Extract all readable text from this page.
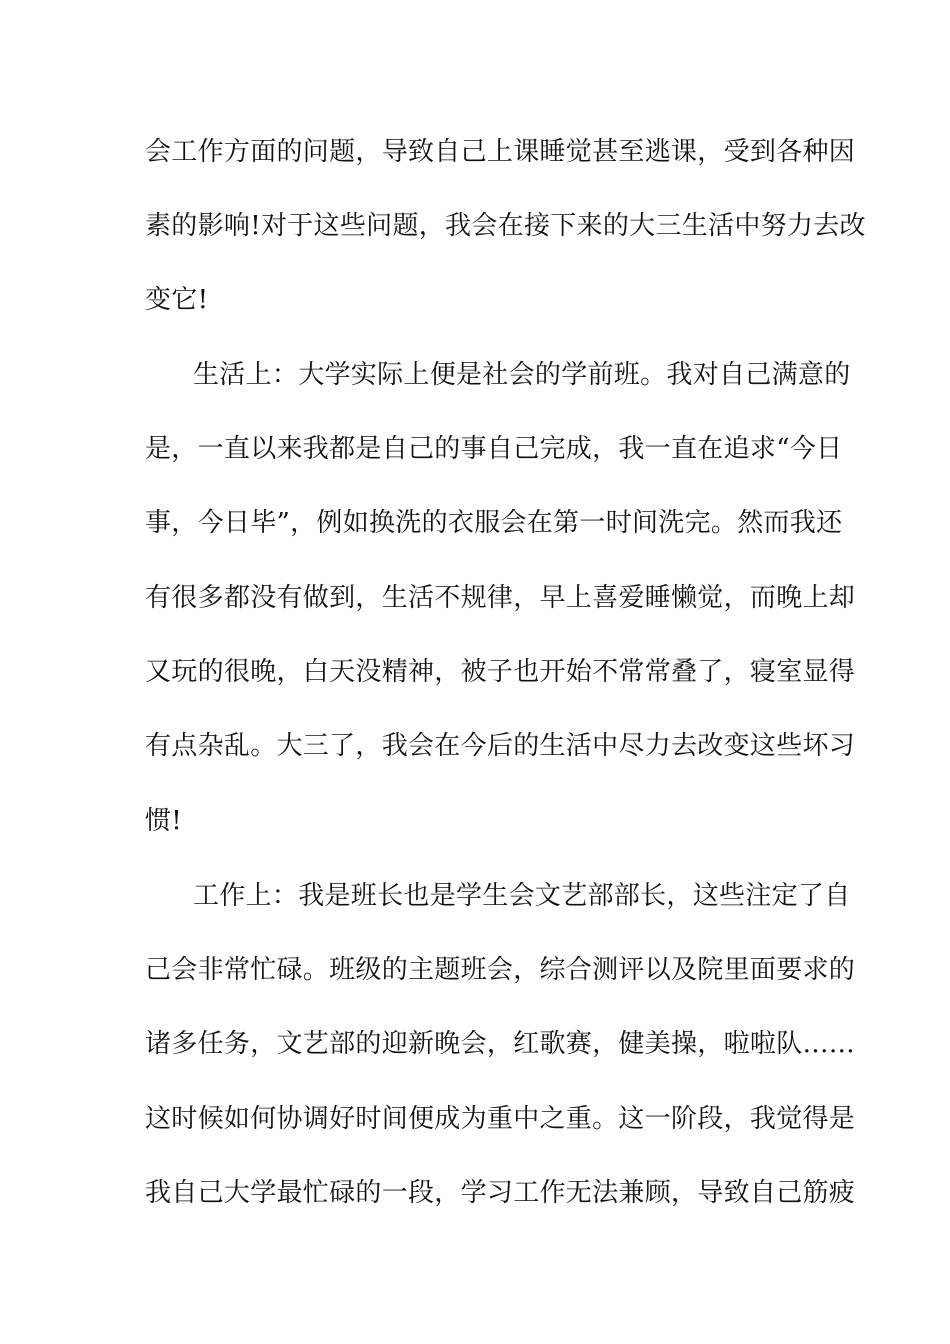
会工作方面的问题，导致自己上课睡觉甚至逃课，受到各种因
素的影响!对于这些问题，我会在接下来的大三生活中努力去改
变它!
生活上：大学实际上便是社会的学前班。我对自己满意的
是，一直以来我都是自己的事自己完成，我一直在追求“今日
事，今日毕”，例如换洗的衣服会在第一时间洗完。然而我还
有很多都没有做到，生活不规律，早上喜爱睡懒觉，而晚上却
又玩的很晚，白天没精神，被子也开始不常常叠了，寝室显得
有点杂乱。大三了，我会在今后的生活中尽力去改变这些坏习
惯!
工作上：我是班长也是学生会文艺部部长，这些注定了自
己会非常忙碌。班级的主题班会，综合测评以及院里面要求的
诸多任务，文艺部的迎新晚会，红歌赛，健美操，啦啦队……
这时候如何协调好时间便成为重中之重。这一阶段，我觉得是
我自己大学最忙碌的一段，学习工作无法兼顾，导致自己筋疲
